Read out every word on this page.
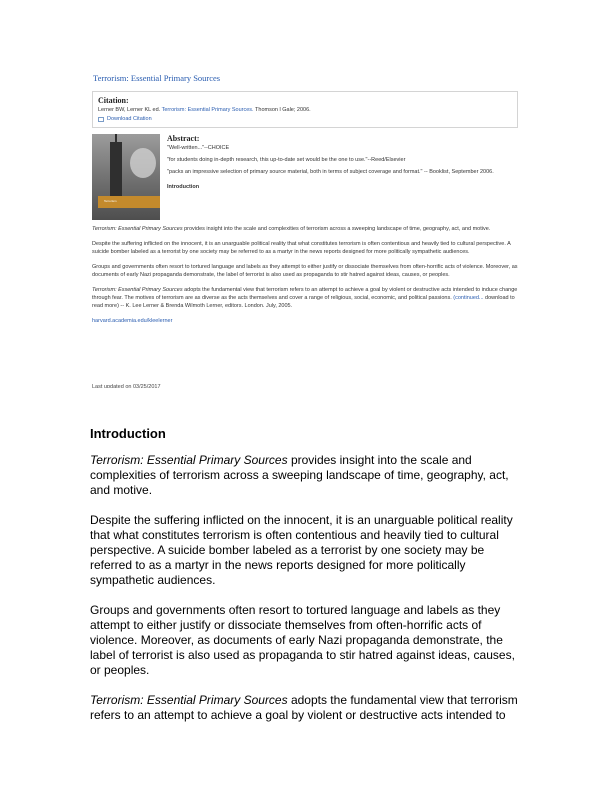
Terrorism: Essential Primary Sources
Citation:
Lerner BW, Lerner KL ed. Terrorism: Essential Primary Sources. Thomson l Gale; 2006.
Download Citation
Terrorism
Abstract:

"Well-written..."--CHOICE

"for students doing in-depth research, this up-to-date set would be the one to use."--Reed/Elsevier

"packs an impressive selection of primary source material, both in terms of subject coverage and format." -- Booklist, September 2006.

Introduction

Terrorism: Essential Primary Sources provides insight into the scale and complexities of terrorism across a sweeping landscape of time, geography, act, and motive.

Despite the suffering inflicted on the innocent, it is an unarguable political reality that what constitutes terrorism is often contentious and heavily tied to cultural perspective. A suicide bomber labeled as a terrorist by one society may be referred to as a martyr in the news reports designed for more politically sympathetic audiences.

Groups and governments often resort to tortured language and labels as they attempt to either justify or dissociate themselves from often-horrific acts of violence. Moreover, as documents of early Nazi propaganda demonstrate, the label of terrorist is also used as propaganda to stir hatred against ideas, causes, or peoples.

Terrorism: Essential Primary Sources adopts the fundamental view that terrorism refers to an attempt to achieve a goal by violent or destructive acts intended to induce change through fear. The motives of terrorism are as diverse as the acts themselves and cover a range of religious, social, economic, and political passions. (continued... download to read more) -- K. Lee Lerner & Brenda Wilmoth Lerner, editors. London. July, 2005.

harvard.academia.edu/kleelerner
Last updated on 03/25/2017
Introduction

Terrorism: Essential Primary Sources provides insight into the scale and complexities of terrorism across a sweeping landscape of time, geography, act, and motive.

Despite the suffering inflicted on the innocent, it is an unarguable political reality that what constitutes terrorism is often contentious and heavily tied to cultural perspective. A suicide bomber labeled as a terrorist by one society may be referred to as a martyr in the news reports designed for more politically sympathetic audiences.

Groups and governments often resort to tortured language and labels as they attempt to either justify or dissociate themselves from often-horrific acts of violence. Moreover, as documents of early Nazi propaganda demonstrate, the label of terrorist is also used as propaganda to stir hatred against ideas, causes, or peoples.

Terrorism: Essential Primary Sources adopts the fundamental view that terrorism refers to an attempt to achieve a goal by violent or destructive acts intended to
